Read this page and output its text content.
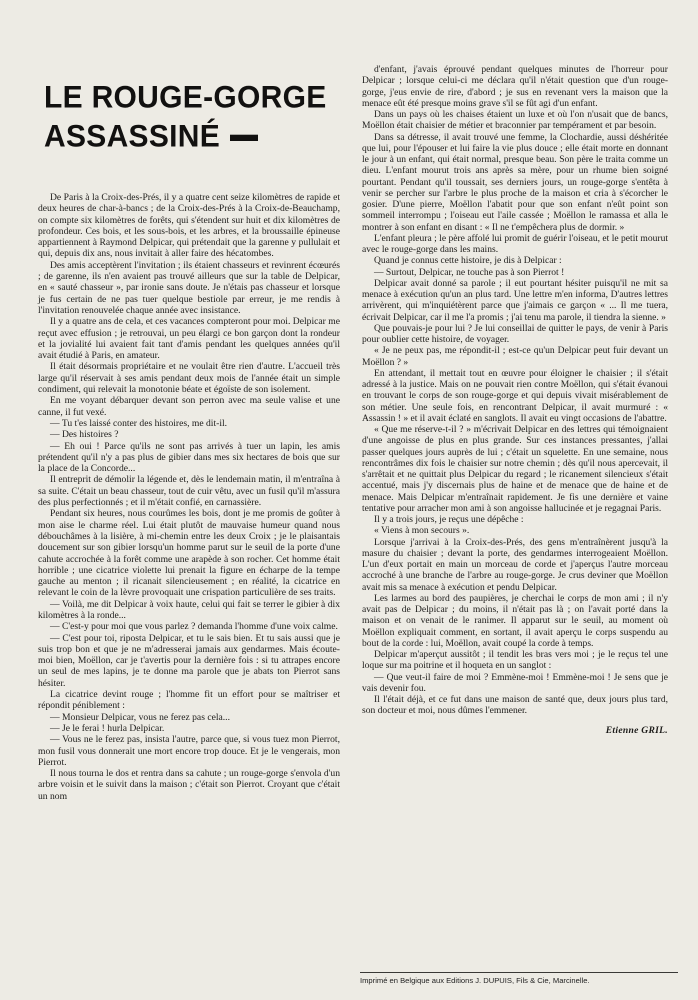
LE ROUGE-GORGE
ASSASSINÉ

De Paris à la Croix-des-Prés, il y a quatre cent seize kilomètres de rapide et deux heures de char-à-bancs ; de la Croix-des-Prés à la Croix-de-Beauchamp, on compte six kilomètres de forêts, qui s'étendent sur huit et dix kilomètres de profondeur. Ces bois, et les sous-bois, et les arbres, et la broussaille épineuse appartiennent à Raymond Delpicar, qui prétendait que la garenne y pullulait et qui, depuis dix ans, nous invitait à aller faire des hécatombes.

Des amis acceptèrent l'invitation ; ils étaient chasseurs et revinrent écœurés ; de garenne, ils n'en avaient pas trouvé ailleurs que sur la table de Delpicar, en « sauté chasseur », par ironie sans doute. Je n'étais pas chasseur et lorsque je fus certain de ne pas tuer quelque bestiole par erreur, je me rendis à l'invitation renouvelée chaque année avec insistance.

Il y a quatre ans de cela, et ces vacances compteront pour moi. Delpicar me reçut avec effusion ; je retrouvai, un peu élargi ce bon garçon dont la rondeur et la jovialité lui avaient fait tant d'amis pendant les quelques années qu'il avait étudié à Paris, en amateur.

Il était désormais propriétaire et ne voulait être rien d'autre. L'accueil très large qu'il réservait à ses amis pendant deux mois de l'année était un simple condiment, qui relevait la monotonie béate et égoïste de son isolement.

En me voyant débarquer devant son perron avec ma seule valise et une canne, il fut vexé.

— Tu t'es laissé conter des histoires, me dit-il.

— Des histoires ?

— Eh oui ! Parce qu'ils ne sont pas arrivés à tuer un lapin, les amis prétendent qu'il n'y a pas plus de gibier dans mes six hectares de bois que sur la place de la Concorde...

Il entreprit de démolir la légende et, dès le lendemain matin, il m'entraîna à sa suite. C'était un beau chasseur, tout de cuir vêtu, avec un fusil qu'il m'assura des plus perfectionnés ; et il m'était confié, en carnassière.

Pendant six heures, nous courûmes les bois, dont je me promis de goûter à mon aise le charme réel. Lui était plutôt de mauvaise humeur quand nous débouchâmes à la lisière, à mi-chemin entre les deux Croix ; je le plaisantais doucement sur son gibier lorsqu'un homme parut sur le seuil de la porte d'une cahute accrochée à la forêt comme une arapède à son rocher. Cet homme était horrible ; une cicatrice violette lui prenait la figure en écharpe de la tempe gauche au menton ; il ricanait silencieusement ; en réalité, la cicatrice en relevant le coin de la lèvre provoquait une crispation particulière de ses traits.

— Voilà, me dit Delpicar à voix haute, celui qui fait se terrer le gibier à dix kilomètres à la ronde...

— C'est-y pour moi que vous parlez ? demanda l'homme d'une voix calme.

— C'est pour toi, riposta Delpicar, et tu le sais bien. Et tu sais aussi que je suis trop bon et que je ne m'adresserai jamais aux gendarmes. Mais écoute-moi bien, Moëllon, car je t'avertis pour la dernière fois : si tu attrapes encore un seul de mes lapins, je te donne ma parole que je abats ton Pierrot sans hésiter.

La cicatrice devint rouge ; l'homme fit un effort pour se maîtriser et répondit péniblement :

— Monsieur Delpicar, vous ne ferez pas cela...

— Je le ferai ! hurla Delpicar.

— Vous ne le ferez pas, insista l'autre, parce que, si vous tuez mon Pierrot, mon fusil vous donnerait une mort encore trop douce. Et je le vengerais, mon Pierrot.

Il nous tourna le dos et rentra dans sa cahute ; un rouge-gorge s'envola d'un arbre voisin et le suivit dans la maison ; c'était son Pierrot. Croyant que c'était un nom

d'enfant, j'avais éprouvé pendant quelques minutes de l'horreur pour Delpicar ; lorsque celui-ci me déclara qu'il n'était question que d'un rouge-gorge, j'eus envie de rire, d'abord ; je sus en revenant vers la maison que la menace eût été presque moins grave s'il se fût agi d'un enfant.

Dans un pays où les chaises étaient un luxe et où l'on n'usait que de bancs, Moëllon était chaisier de métier et braconnier par tempérament et par besoin.

Dans sa détresse, il avait trouvé une femme, la Clochardie, aussi déshéritée que lui, pour l'épouser et lui faire la vie plus douce ; elle était morte en donnant le jour à un enfant, qui était normal, presque beau. Son père le traita comme un dieu. L'enfant mourut trois ans après sa mère, pour un rhume bien soigné pourtant. Pendant qu'il toussait, ses derniers jours, un rouge-gorge s'entêta à venir se percher sur l'arbre le plus proche de la maison et cria à s'écorcher le gosier. D'une pierre, Moëllon l'abatit pour que son enfant n'eût point son sommeil interrompu ; l'oiseau eut l'aile cassée ; Moëllon le ramassa et alla le montrer à son enfant en disant : « Il ne t'empêchera plus de dormir. »

L'enfant pleura ; le père affolé lui promit de guérir l'oiseau, et le petit mourut avec le rouge-gorge dans les mains.

Quand je connus cette histoire, je dis à Delpicar :

— Surtout, Delpicar, ne touche pas à son Pierrot !

Delpicar avait donné sa parole ; il eut pourtant hésiter puisqu'il ne mit sa menace à exécution qu'un an plus tard. Une lettre m'en informa, D'autres lettres arrivèrent, qui m'inquiétèrent parce que j'aimais ce garçon « ... Il me tuera, écrivait Delpicar, car il me l'a promis ; j'ai tenu ma parole, il tiendra la sienne. »

Que pouvais-je pour lui ? Je lui conseillai de quitter le pays, de venir à Paris pour oublier cette histoire, de voyager.

« Je ne peux pas, me répondit-il ; est-ce qu'un Delpicar peut fuir devant un Moëllon ? »

En attendant, il mettait tout en œuvre pour éloigner le chaisier ; il s'était adressé à la justice. Mais on ne pouvait rien contre Moëllon, qui s'était évanoui en trouvant le corps de son rouge-gorge et qui depuis vivait misérablement de son métier. Une seule fois, en rencontrant Delpicar, il avait murmuré : « Assassin ! » et il avait éclaté en sanglots. Il avait eu vingt occasions de l'abattre.

« Que me réserve-t-il ? » m'écrivait Delpicar en des lettres qui témoignaient d'une angoisse de plus en plus grande. Sur ces instances pressantes, j'allai passer quelques jours auprès de lui ; c'était un squelette. En une semaine, nous rencontrâmes dix fois le chaisier sur notre chemin ; dès qu'il nous apercevait, il s'arrêtait et ne quittait plus Delpicar du regard ; le ricanement silencieux s'était accentué, mais j'y discernais plus de haine et de menace que de haine et de menace. Mais Delpicar m'entraînait rapidement. Je fis une dernière et vaine tentative pour arracher mon ami à son angoisse hallucinée et je regagnai Paris.

Il y a trois jours, je reçus une dépêche :

« Viens à mon secours ».

Lorsque j'arrivai à la Croix-des-Prés, des gens m'entraînèrent jusqu'à la masure du chaisier ; devant la porte, des gendarmes interrogeaient Moëllon. L'un d'eux portait en main un morceau de corde et j'aperçus l'autre morceau accroché à une branche de l'arbre au rouge-gorge. Je crus deviner que Moëllon avait mis sa menace à exécution et pendu Delpicar.

Les larmes au bord des paupières, je cherchai le corps de mon ami ; il n'y avait pas de Delpicar ; du moins, il n'était pas là ; on l'avait porté dans la maison et on venait de le ranimer. Il apparut sur le seuil, au moment où Moëllon expliquait comment, en sortant, il avait aperçu le corps suspendu au bout de la corde : lui, Moëllon, avait coupé la corde à temps.

Delpicar m'aperçut aussitôt ; il tendit les bras vers moi ; je le reçus tel une loque sur ma poitrine et il hoqueta en un sanglot :

— Que veut-il faire de moi ? Emmène-moi ! Emmène-moi ! Je sens que je vais devenir fou.

Il l'était déjà, et ce fut dans une maison de santé que, deux jours plus tard, son docteur et moi, nous dûmes l'emmener.

Etienne GRIL.

Imprimé en Belgique aux Editions J. DUPUIS, Fils & Cie, Marcinelle.
